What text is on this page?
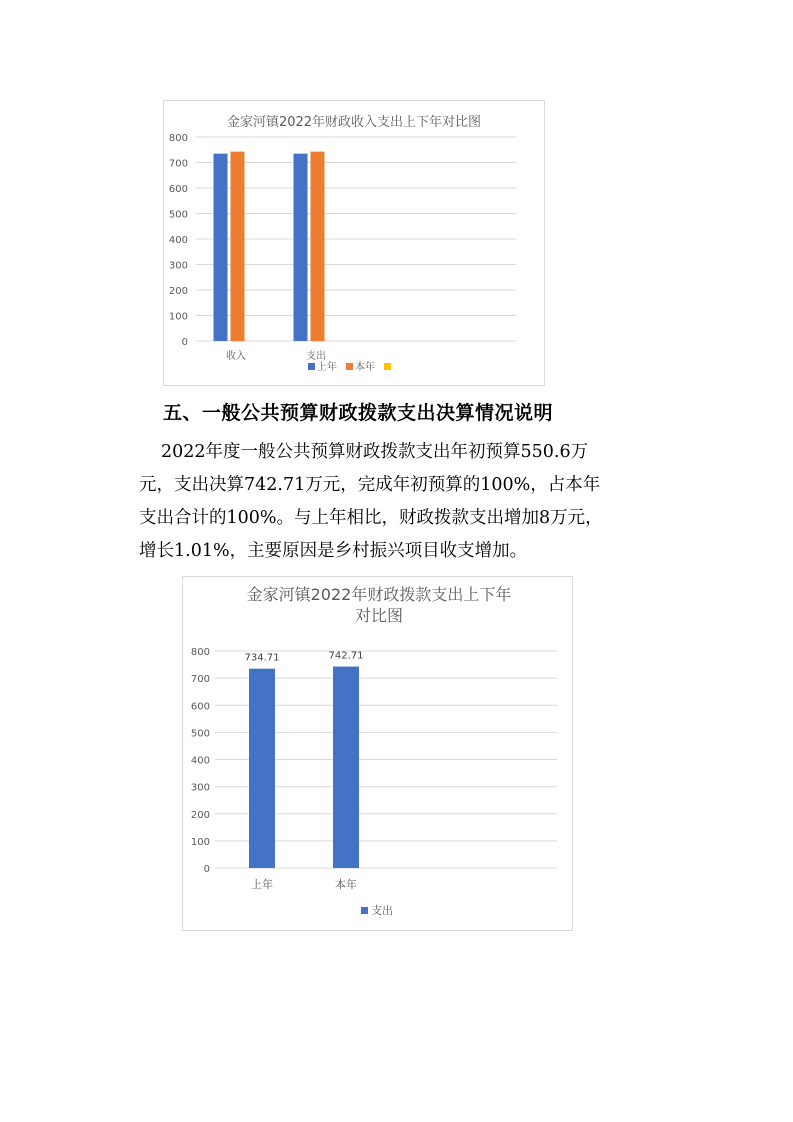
金家河镇2022年财政收入支出上下年对比图
0
100
200
300
400
500
600
700
800
收入	支出
上年 本年
五、一般公共预算财政拨款支出决算情况说明
2022年度一般公共预算财政拨款支出年初预算550.6万
元，支出决算742.71万元，完成年初预算的100%，占本年
支出合计的100%。与上年相比，财政拨款支出增加8万元，
增长1.01%，主要原因是乡村振兴项目收支增加。
金家河镇2022年财政拨款支出上下年
对比图
0
100
200
300
400
500
600
700
800
734.71
上年
742.71
本年
支出
